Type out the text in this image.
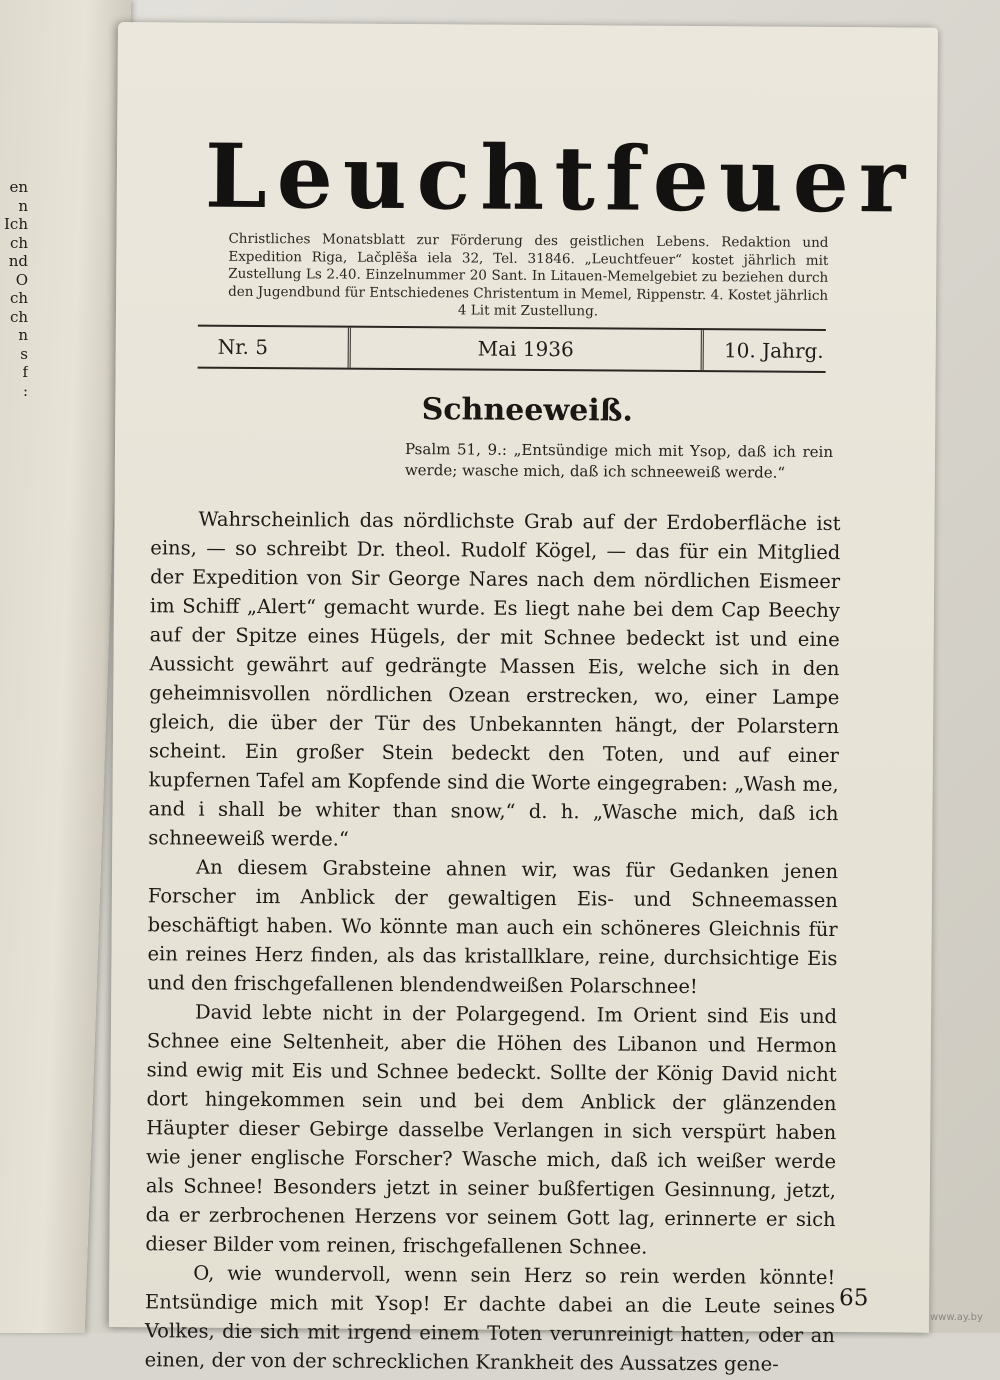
en
n
Ich
ch
nd
O
ch
ch
n
s
f
:
Leuchtfeuer
Christliches Monatsblatt zur Förderung des geistlichen Lebens. Redaktion und Expedition Riga, Lačplēša iela 32, Tel. 31846. „Leuchtfeuer“ kostet jährlich mit Zustellung Ls 2.40. Einzelnummer 20 Sant. In Litauen-Memelgebiet zu beziehen durch den Jugendbund für Entschiedenes Christentum in Memel, Rippenstr. 4. Kostet jährlich 4 Lit mit Zustellung.
Nr. 5	Mai 1936	10. Jahrg.
Schneeweiß.
Psalm 51, 9.: „Entsündige mich mit Ysop, daß ich rein werde; wasche mich, daß ich schneeweiß werde.“

Wahrscheinlich das nördlichste Grab auf der Erdoberfläche ist eins, — so schreibt Dr. theol. Rudolf Kögel, — das für ein Mitglied der Expedition von Sir George Nares nach dem nördlichen Eismeer im Schiff „Alert“ gemacht wurde. Es liegt nahe bei dem Cap Beechy auf der Spitze eines Hügels, der mit Schnee bedeckt ist und eine Aussicht gewährt auf gedrängte Massen Eis, welche sich in den geheimnisvollen nördlichen Ozean erstrecken, wo, einer Lampe gleich, die über der Tür des Unbekannten hängt, der Polarstern scheint. Ein großer Stein bedeckt den Toten, und auf einer kupfernen Tafel am Kopfende sind die Worte eingegraben: „Wash me, and i shall be whiter than snow,“ d. h. „Wasche mich, daß ich schneeweiß werde.“

An diesem Grabsteine ahnen wir, was für Gedanken jenen Forscher im Anblick der gewaltigen Eis- und Schneemassen beschäftigt haben. Wo könnte man auch ein schöneres Gleichnis für ein reines Herz finden, als das kristallklare, reine, durchsichtige Eis und den frischgefallenen blendendweißen Polarschnee!

David lebte nicht in der Polargegend. Im Orient sind Eis und Schnee eine Seltenheit, aber die Höhen des Libanon und Hermon sind ewig mit Eis und Schnee bedeckt. Sollte der König David nicht dort hingekommen sein und bei dem Anblick der glänzenden Häupter dieser Gebirge dasselbe Verlangen in sich verspürt haben wie jener englische Forscher? Wasche mich, daß ich weißer werde als Schnee! Besonders jetzt in seiner bußfertigen Gesinnung, jetzt, da er zerbrochenen Herzens vor seinem Gott lag, erinnerte er sich dieser Bilder vom reinen, frischgefallenen Schnee.

O, wie wundervoll, wenn sein Herz so rein werden könnte! Entsündige mich mit Ysop! Er dachte dabei an die Leute seines Volkes, die sich mit irgend einem Toten verunreinigt hatten, oder an einen, der von der schrecklichen Krankheit des Aussatzes gene-

65
www.ay.by
